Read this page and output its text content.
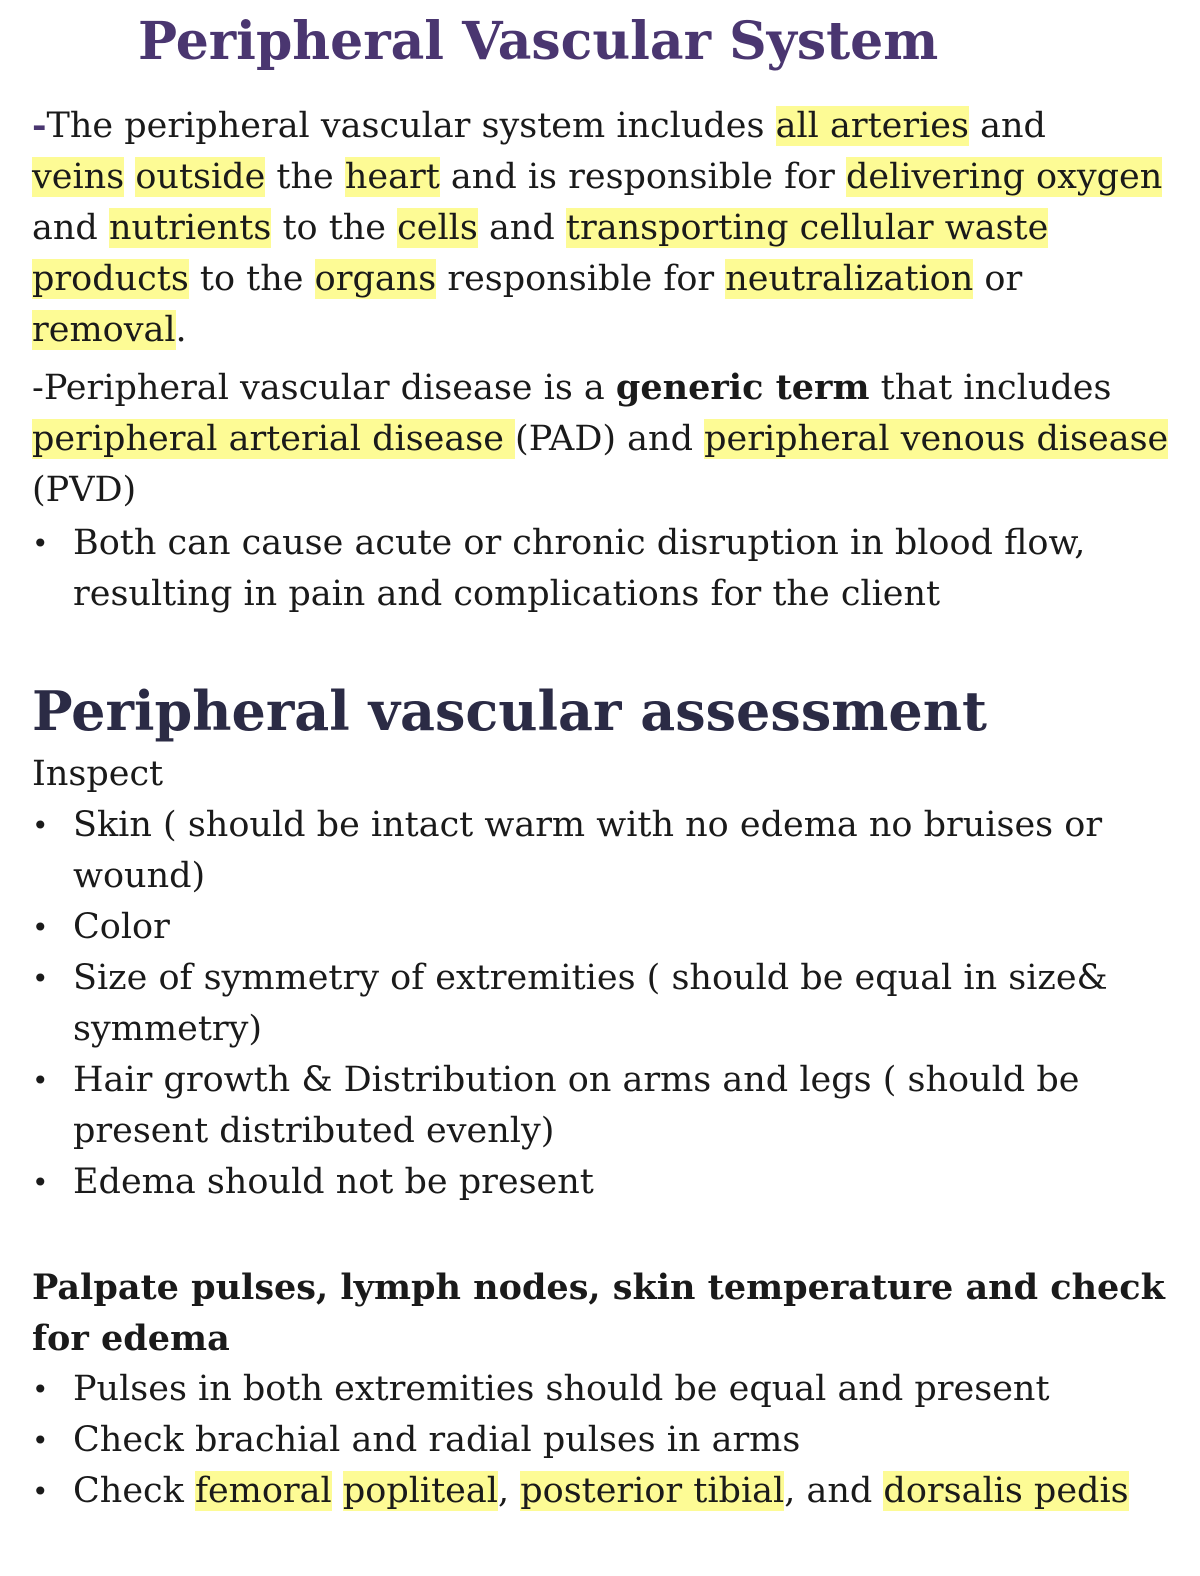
Peripheral Vascular System
-The peripheral vascular system includes all arteries and
veins outside the heart and is responsible for delivering oxygen and nutrients to the cells and transporting cellular waste products to the organs responsible for neutralization or removal.
-Peripheral vascular disease is a generic term that includes
peripheral arterial disease (PAD) and peripheral venous disease (PVD)
• Both can cause acute or chronic disruption in blood flow, resulting in pain and complications for the client
Peripheral vascular assessment
Inspect
• Skin ( should be intact warm with no edema no bruises or wound)
• Color
• Size of symmetry of extremities ( should be equal in size& symmetry)
• Hair growth & Distribution on arms and legs ( should be present distributed evenly)
• Edema should not be present
Palpate pulses, lymph nodes, skin temperature and check for edema
• Pulses in both extremities should be equal and present
• Check brachial and radial pulses in arms
• Check femoral popliteal, posterior tibial, and dorsalis pedis
